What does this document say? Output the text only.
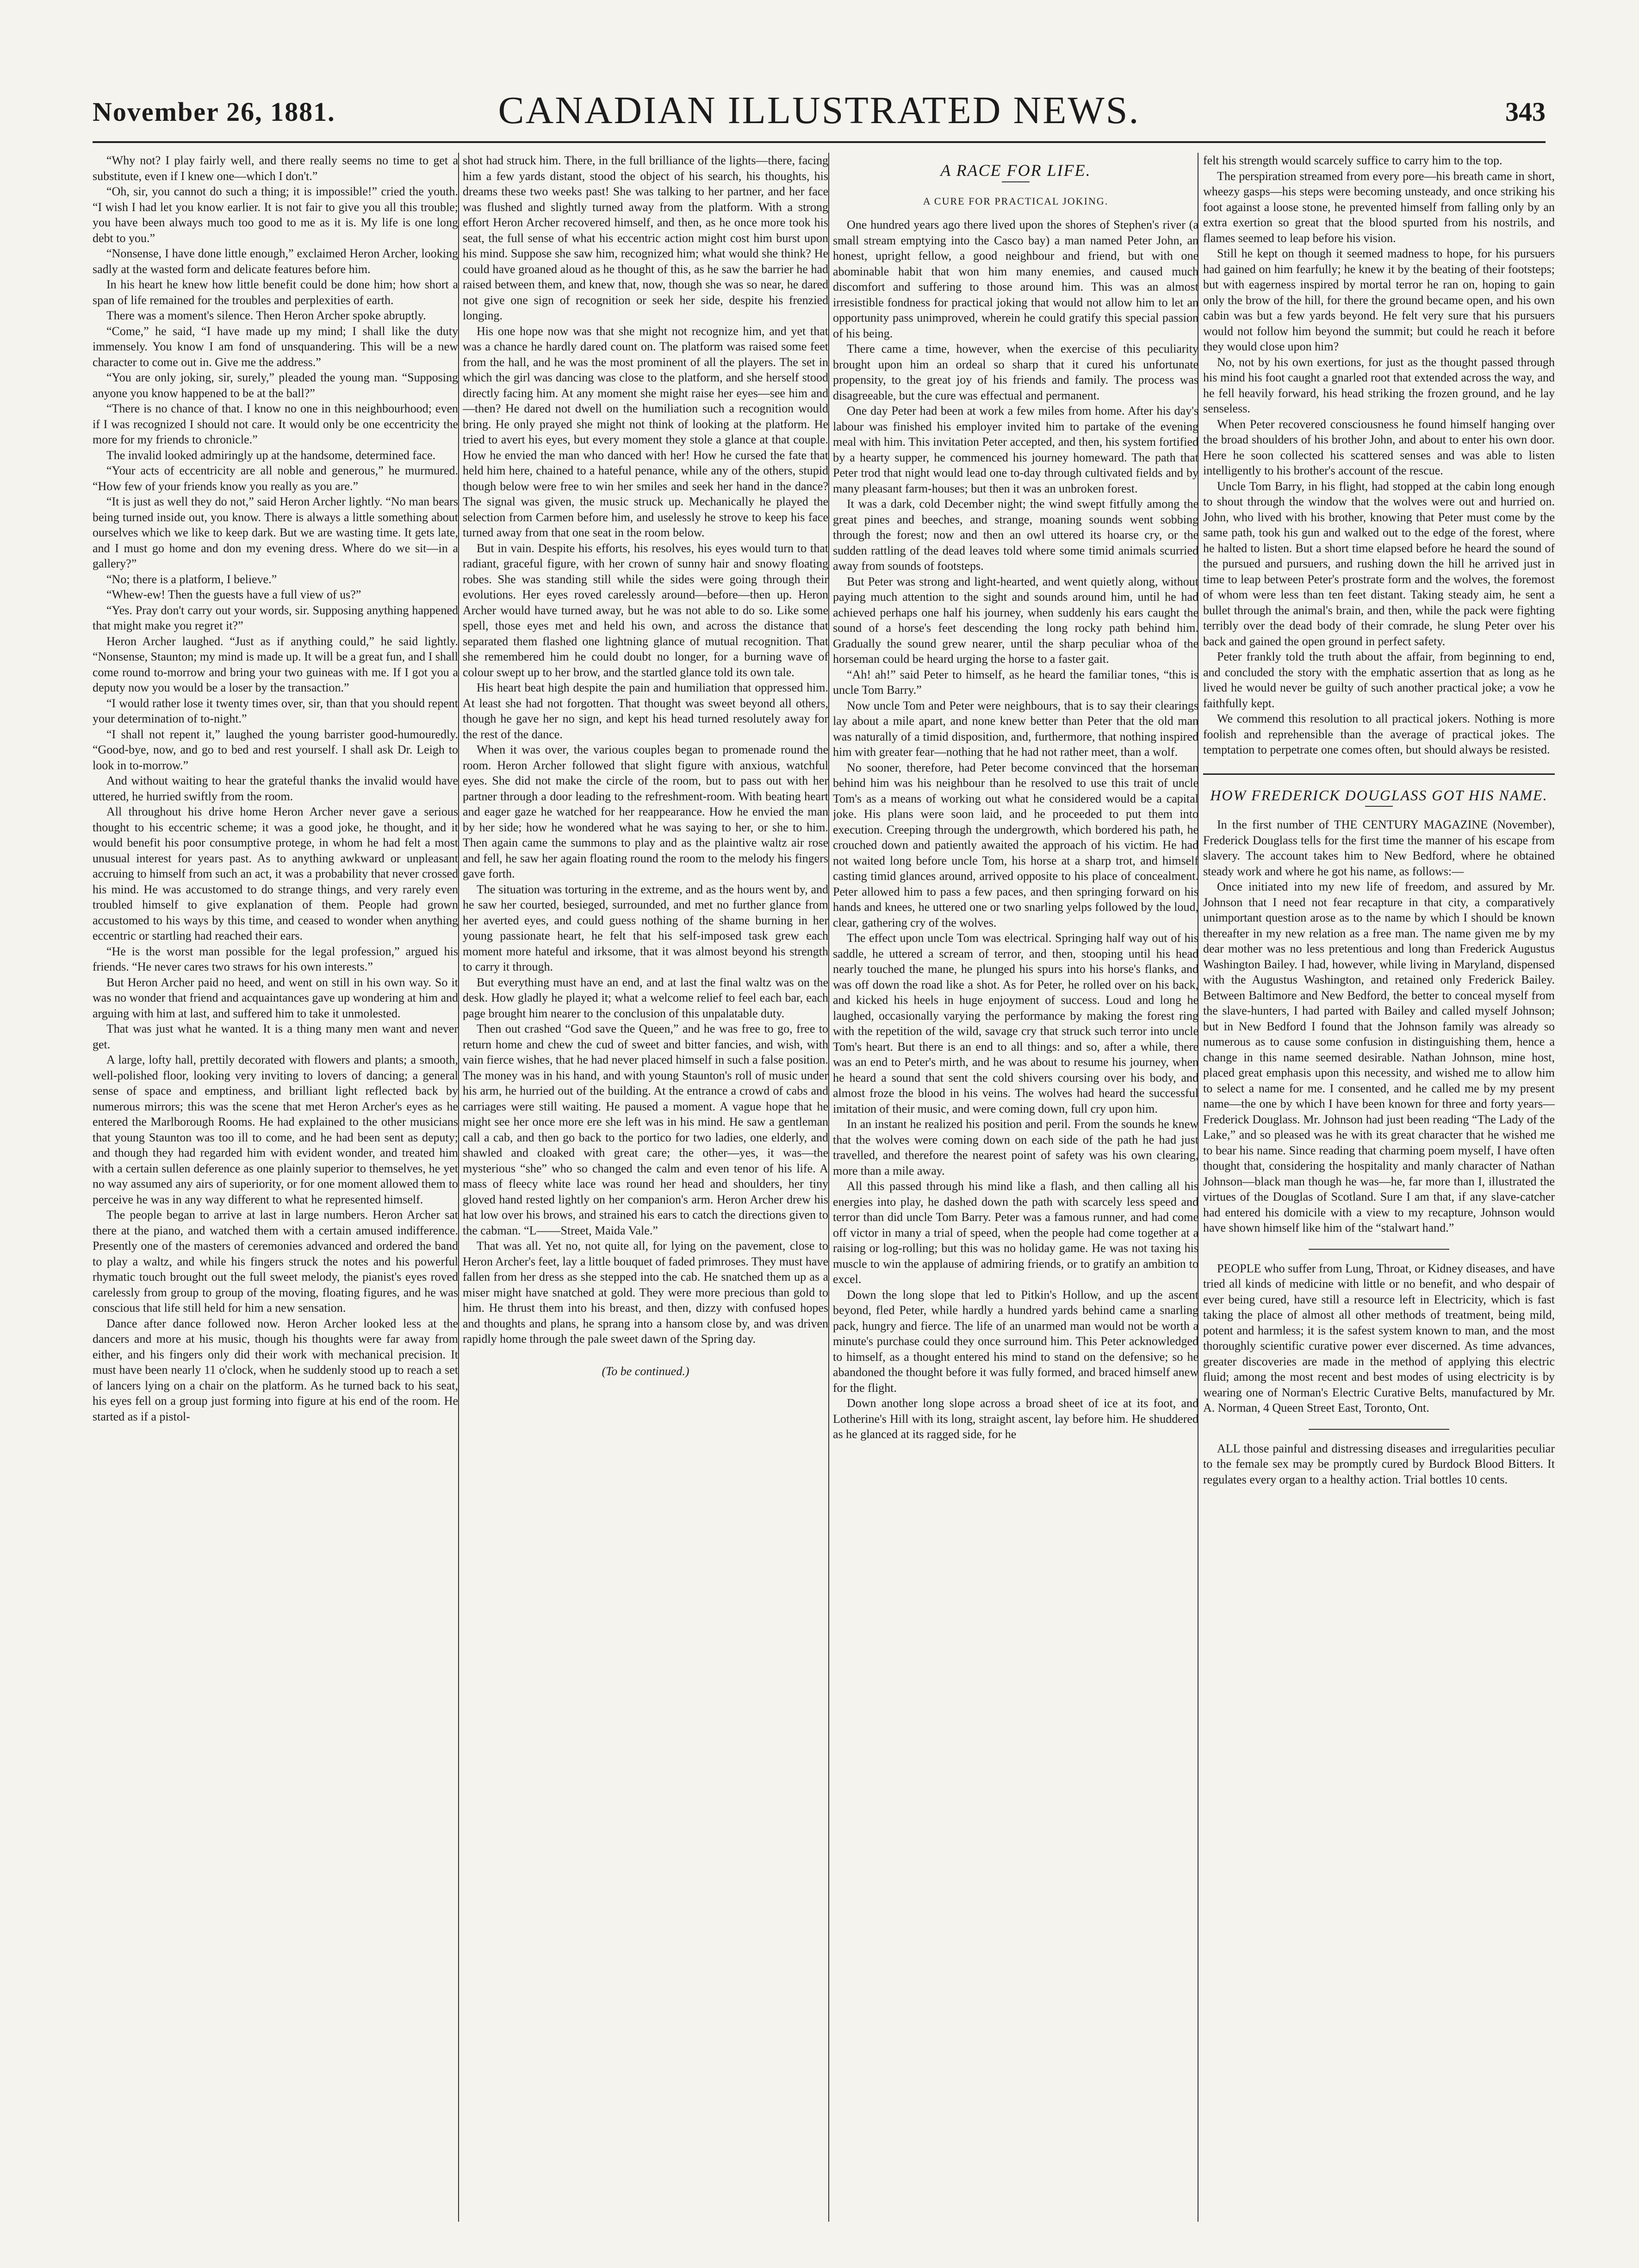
November 26, 1881.	CANADIAN ILLUSTRATED NEWS.	343

“Why not? I play fairly well, and there really seems no time to get a substitute, even if I knew one—which I don't.”

“Oh, sir, you cannot do such a thing; it is impossible!” cried the youth. “I wish I had let you know earlier. It is not fair to give you all this trouble; you have been always much too good to me as it is. My life is one long debt to you.”

“Nonsense, I have done little enough,” exclaimed Heron Archer, looking sadly at the wasted form and delicate features before him.

In his heart he knew how little benefit could be done him; how short a span of life remained for the troubles and perplexities of earth.

There was a moment's silence. Then Heron Archer spoke abruptly.

“Come,” he said, “I have made up my mind; I shall like the duty immensely. You know I am fond of unsquandering. This will be a new character to come out in. Give me the address.”

“You are only joking, sir, surely,” pleaded the young man. “Supposing anyone you know happened to be at the ball?”

“There is no chance of that. I know no one in this neighbourhood; even if I was recognized I should not care. It would only be one eccentricity the more for my friends to chronicle.”

The invalid looked admiringly up at the handsome, determined face.

“Your acts of eccentricity are all noble and generous,” he murmured. “How few of your friends know you really as you are.”

“It is just as well they do not,” said Heron Archer lightly. “No man bears being turned inside out, you know. There is always a little something about ourselves which we like to keep dark. But we are wasting time. It gets late, and I must go home and don my evening dress. Where do we sit—in a gallery?”

“No; there is a platform, I believe.”

“Whew-ew! Then the guests have a full view of us?”

“Yes. Pray don't carry out your words, sir. Supposing anything happened that might make you regret it?”

Heron Archer laughed. “Just as if anything could,” he said lightly. “Nonsense, Staunton; my mind is made up. It will be a great fun, and I shall come round to-morrow and bring your two guineas with me. If I got you a deputy now you would be a loser by the transaction.”

“I would rather lose it twenty times over, sir, than that you should repent your determination of to-night.”

“I shall not repent it,” laughed the young barrister good-humouredly. “Good-bye, now, and go to bed and rest yourself. I shall ask Dr. Leigh to look in to-morrow.”

And without waiting to hear the grateful thanks the invalid would have uttered, he hurried swiftly from the room.

All throughout his drive home Heron Archer never gave a serious thought to his eccentric scheme; it was a good joke, he thought, and it would benefit his poor consumptive protege, in whom he had felt a most unusual interest for years past. As to anything awkward or unpleasant accruing to himself from such an act, it was a probability that never crossed his mind. He was accustomed to do strange things, and very rarely even troubled himself to give explanation of them. People had grown accustomed to his ways by this time, and ceased to wonder when anything eccentric or startling had reached their ears.

“He is the worst man possible for the legal profession,” argued his friends. “He never cares two straws for his own interests.”

But Heron Archer paid no heed, and went on still in his own way. So it was no wonder that friend and acquaintances gave up wondering at him and arguing with him at last, and suffered him to take it unmolested.

That was just what he wanted. It is a thing many men want and never get.

A large, lofty hall, prettily decorated with flowers and plants; a smooth, well-polished floor, looking very inviting to lovers of dancing; a general sense of space and emptiness, and brilliant light reflected back by numerous mirrors; this was the scene that met Heron Archer's eyes as he entered the Marlborough Rooms. He had explained to the other musicians that young Staunton was too ill to come, and he had been sent as deputy; and though they had regarded him with evident wonder, and treated him with a certain sullen deference as one plainly superior to themselves, he yet no way assumed any airs of superiority, or for one moment allowed them to perceive he was in any way different to what he represented himself.

The people began to arrive at last in large numbers. Heron Archer sat there at the piano, and watched them with a certain amused indifference. Presently one of the masters of ceremonies advanced and ordered the band to play a waltz, and while his fingers struck the notes and his powerful rhymatic touch brought out the full sweet melody, the pianist's eyes roved carelessly from group to group of the moving, floating figures, and he was conscious that life still held for him a new sensation.

Dance after dance followed now. Heron Archer looked less at the dancers and more at his music, though his thoughts were far away from either, and his fingers only did their work with mechanical precision. It must have been nearly 11 o'clock, when he suddenly stood up to reach a set of lancers lying on a chair on the platform. As he turned back to his seat, his eyes fell on a group just forming into figure at his end of the room. He started as if a pistol-

shot had struck him. There, in the full brilliance of the lights—there, facing him a few yards distant, stood the object of his search, his thoughts, his dreams these two weeks past! She was talking to her partner, and her face was flushed and slightly turned away from the platform. With a strong effort Heron Archer recovered himself, and then, as he once more took his seat, the full sense of what his eccentric action might cost him burst upon his mind. Suppose she saw him, recognized him; what would she think? He could have groaned aloud as he thought of this, as he saw the barrier he had raised between them, and knew that, now, though she was so near, he dared not give one sign of recognition or seek her side, despite his frenzied longing.

His one hope now was that she might not recognize him, and yet that was a chance he hardly dared count on. The platform was raised some feet from the hall, and he was the most prominent of all the players. The set in which the girl was dancing was close to the platform, and she herself stood directly facing him. At any moment she might raise her eyes—see him and—then? He dared not dwell on the humiliation such a recognition would bring. He only prayed she might not think of looking at the platform. He tried to avert his eyes, but every moment they stole a glance at that couple. How he envied the man who danced with her! How he cursed the fate that held him here, chained to a hateful penance, while any of the others, stupid though below were free to win her smiles and seek her hand in the dance? The signal was given, the music struck up. Mechanically he played the selection from Carmen before him, and uselessly he strove to keep his face turned away from that one seat in the room below.

But in vain. Despite his efforts, his resolves, his eyes would turn to that radiant, graceful figure, with her crown of sunny hair and snowy floating robes. She was standing still while the sides were going through their evolutions. Her eyes roved carelessly around—before—then up. Heron Archer would have turned away, but he was not able to do so. Like some spell, those eyes met and held his own, and across the distance that separated them flashed one lightning glance of mutual recognition. That she remembered him he could doubt no longer, for a burning wave of colour swept up to her brow, and the startled glance told its own tale.

His heart beat high despite the pain and humiliation that oppressed him. At least she had not forgotten. That thought was sweet beyond all others, though he gave her no sign, and kept his head turned resolutely away for the rest of the dance.

When it was over, the various couples began to promenade round the room. Heron Archer followed that slight figure with anxious, watchful eyes. She did not make the circle of the room, but to pass out with her partner through a door leading to the refreshment-room. With beating heart and eager gaze he watched for her reappearance. How he envied the man by her side; how he wondered what he was saying to her, or she to him. Then again came the summons to play and as the plaintive waltz air rose and fell, he saw her again floating round the room to the melody his fingers gave forth.

The situation was torturing in the extreme, and as the hours went by, and he saw her courted, besieged, surrounded, and met no further glance from her averted eyes, and could guess nothing of the shame burning in her young passionate heart, he felt that his self-imposed task grew each moment more hateful and irksome, that it was almost beyond his strength to carry it through.

But everything must have an end, and at last the final waltz was on the desk. How gladly he played it; what a welcome relief to feel each bar, each page brought him nearer to the conclusion of this unpalatable duty.

Then out crashed “God save the Queen,” and he was free to go, free to return home and chew the cud of sweet and bitter fancies, and wish, with vain fierce wishes, that he had never placed himself in such a false position. The money was in his hand, and with young Staunton's roll of music under his arm, he hurried out of the building. At the entrance a crowd of cabs and carriages were still waiting. He paused a moment. A vague hope that he might see her once more ere she left was in his mind. He saw a gentleman call a cab, and then go back to the portico for two ladies, one elderly, and shawled and cloaked with great care; the other—yes, it was—the mysterious “she” who so changed the calm and even tenor of his life. A mass of fleecy white lace was round her head and shoulders, her tiny gloved hand rested lightly on her companion's arm. Heron Archer drew his hat low over his brows, and strained his ears to catch the directions given to the cabman. “L——Street, Maida Vale.”

That was all. Yet no, not quite all, for lying on the pavement, close to Heron Archer's feet, lay a little bouquet of faded primroses. They must have fallen from her dress as she stepped into the cab. He snatched them up as a miser might have snatched at gold. They were more precious than gold to him. He thrust them into his breast, and then, dizzy with confused hopes and thoughts and plans, he sprang into a hansom close by, and was driven rapidly home through the pale sweet dawn of the Spring day.

(To be continued.)
A RACE FOR LIFE.
A CURE FOR PRACTICAL JOKING.

One hundred years ago there lived upon the shores of Stephen's river (a small stream emptying into the Casco bay) a man named Peter John, an honest, upright fellow, a good neighbour and friend, but with one abominable habit that won him many enemies, and caused much discomfort and suffering to those around him. This was an almost irresistible fondness for practical joking that would not allow him to let an opportunity pass unimproved, wherein he could gratify this special passion of his being.

There came a time, however, when the exercise of this peculiarity brought upon him an ordeal so sharp that it cured his unfortunate propensity, to the great joy of his friends and family. The process was disagreeable, but the cure was effectual and permanent.

One day Peter had been at work a few miles from home. After his day's labour was finished his employer invited him to partake of the evening meal with him. This invitation Peter accepted, and then, his system fortified by a hearty supper, he commenced his journey homeward. The path that Peter trod that night would lead one to-day through cultivated fields and by many pleasant farm-houses; but then it was an unbroken forest.

It was a dark, cold December night; the wind swept fitfully among the great pines and beeches, and strange, moaning sounds went sobbing through the forest; now and then an owl uttered its hoarse cry, or the sudden rattling of the dead leaves told where some timid animals scurried away from sounds of footsteps.

But Peter was strong and light-hearted, and went quietly along, without paying much attention to the sight and sounds around him, until he had achieved perhaps one half his journey, when suddenly his ears caught the sound of a horse's feet descending the long rocky path behind him. Gradually the sound grew nearer, until the sharp peculiar whoa of the horseman could be heard urging the horse to a faster gait.

“Ah! ah!” said Peter to himself, as he heard the familiar tones, “this is uncle Tom Barry.”

Now uncle Tom and Peter were neighbours, that is to say their clearings lay about a mile apart, and none knew better than Peter that the old man was naturally of a timid disposition, and, furthermore, that nothing inspired him with greater fear—nothing that he had not rather meet, than a wolf.

No sooner, therefore, had Peter become convinced that the horseman behind him was his neighbour than he resolved to use this trait of uncle Tom's as a means of working out what he considered would be a capital joke. His plans were soon laid, and he proceeded to put them into execution. Creeping through the undergrowth, which bordered his path, he crouched down and patiently awaited the approach of his victim. He had not waited long before uncle Tom, his horse at a sharp trot, and himself casting timid glances around, arrived opposite to his place of concealment. Peter allowed him to pass a few paces, and then springing forward on his hands and knees, he uttered one or two snarling yelps followed by the loud, clear, gathering cry of the wolves.

The effect upon uncle Tom was electrical. Springing half way out of his saddle, he uttered a scream of terror, and then, stooping until his head nearly touched the mane, he plunged his spurs into his horse's flanks, and was off down the road like a shot. As for Peter, he rolled over on his back, and kicked his heels in huge enjoyment of success. Loud and long he laughed, occasionally varying the performance by making the forest ring with the repetition of the wild, savage cry that struck such terror into uncle Tom's heart. But there is an end to all things: and so, after a while, there was an end to Peter's mirth, and he was about to resume his journey, when he heard a sound that sent the cold shivers coursing over his body, and almost froze the blood in his veins. The wolves had heard the successful imitation of their music, and were coming down, full cry upon him.

In an instant he realized his position and peril. From the sounds he knew that the wolves were coming down on each side of the path he had just travelled, and therefore the nearest point of safety was his own clearing, more than a mile away.

All this passed through his mind like a flash, and then calling all his energies into play, he dashed down the path with scarcely less speed and terror than did uncle Tom Barry. Peter was a famous runner, and had come off victor in many a trial of speed, when the people had come together at a raising or log-rolling; but this was no holiday game. He was not taxing his muscle to win the applause of admiring friends, or to gratify an ambition to excel.

Down the long slope that led to Pitkin's Hollow, and up the ascent beyond, fled Peter, while hardly a hundred yards behind came a snarling pack, hungry and fierce. The life of an unarmed man would not be worth a minute's purchase could they once surround him. This Peter acknowledged to himself, as a thought entered his mind to stand on the defensive; so he abandoned the thought before it was fully formed, and braced himself anew for the flight.

Down another long slope across a broad sheet of ice at its foot, and Lotherine's Hill with its long, straight ascent, lay before him. He shuddered as he glanced at its ragged side, for he

felt his strength would scarcely suffice to carry him to the top.

The perspiration streamed from every pore—his breath came in short, wheezy gasps—his steps were becoming unsteady, and once striking his foot against a loose stone, he prevented himself from falling only by an extra exertion so great that the blood spurted from his nostrils, and flames seemed to leap before his vision.

Still he kept on though it seemed madness to hope, for his pursuers had gained on him fearfully; he knew it by the beating of their footsteps; but with eagerness inspired by mortal terror he ran on, hoping to gain only the brow of the hill, for there the ground became open, and his own cabin was but a few yards beyond. He felt very sure that his pursuers would not follow him beyond the summit; but could he reach it before they would close upon him?

No, not by his own exertions, for just as the thought passed through his mind his foot caught a gnarled root that extended across the way, and he fell heavily forward, his head striking the frozen ground, and he lay senseless.

When Peter recovered consciousness he found himself hanging over the broad shoulders of his brother John, and about to enter his own door. Here he soon collected his scattered senses and was able to listen intelligently to his brother's account of the rescue.

Uncle Tom Barry, in his flight, had stopped at the cabin long enough to shout through the window that the wolves were out and hurried on. John, who lived with his brother, knowing that Peter must come by the same path, took his gun and walked out to the edge of the forest, where he halted to listen. But a short time elapsed before he heard the sound of the pursued and pursuers, and rushing down the hill he arrived just in time to leap between Peter's prostrate form and the wolves, the foremost of whom were less than ten feet distant. Taking steady aim, he sent a bullet through the animal's brain, and then, while the pack were fighting terribly over the dead body of their comrade, he slung Peter over his back and gained the open ground in perfect safety.

Peter frankly told the truth about the affair, from beginning to end, and concluded the story with the emphatic assertion that as long as he lived he would never be guilty of such another practical joke; a vow he faithfully kept.

We commend this resolution to all practical jokers. Nothing is more foolish and reprehensible than the average of practical jokes. The temptation to perpetrate one comes often, but should always be resisted.

HOW FREDERICK DOUGLASS GOT HIS NAME.

In the first number of THE CENTURY MAGAZINE (November), Frederick Douglass tells for the first time the manner of his escape from slavery. The account takes him to New Bedford, where he obtained steady work and where he got his name, as follows:—

Once initiated into my new life of freedom, and assured by Mr. Johnson that I need not fear recapture in that city, a comparatively unimportant question arose as to the name by which I should be known thereafter in my new relation as a free man. The name given me by my dear mother was no less pretentious and long than Frederick Augustus Washington Bailey. I had, however, while living in Maryland, dispensed with the Augustus Washington, and retained only Frederick Bailey. Between Baltimore and New Bedford, the better to conceal myself from the slave-hunters, I had parted with Bailey and called myself Johnson; but in New Bedford I found that the Johnson family was already so numerous as to cause some confusion in distinguishing them, hence a change in this name seemed desirable. Nathan Johnson, mine host, placed great emphasis upon this necessity, and wished me to allow him to select a name for me. I consented, and he called me by my present name—the one by which I have been known for three and forty years—Frederick Douglass. Mr. Johnson had just been reading “The Lady of the Lake,” and so pleased was he with its great character that he wished me to bear his name. Since reading that charming poem myself, I have often thought that, considering the hospitality and manly character of Nathan Johnson—black man though he was—he, far more than I, illustrated the virtues of the Douglas of Scotland. Sure I am that, if any slave-catcher had entered his domicile with a view to my recapture, Johnson would have shown himself like him of the “stalwart hand.”

PEOPLE who suffer from Lung, Throat, or Kidney diseases, and have tried all kinds of medicine with little or no benefit, and who despair of ever being cured, have still a resource left in Electricity, which is fast taking the place of almost all other methods of treatment, being mild, potent and harmless; it is the safest system known to man, and the most thoroughly scientific curative power ever discerned. As time advances, greater discoveries are made in the method of applying this electric fluid; among the most recent and best modes of using electricity is by wearing one of Norman's Electric Curative Belts, manufactured by Mr. A. Norman, 4 Queen Street East, Toronto, Ont.

ALL those painful and distressing diseases and irregularities peculiar to the female sex may be promptly cured by Burdock Blood Bitters. It regulates every organ to a healthy action. Trial bottles 10 cents.
